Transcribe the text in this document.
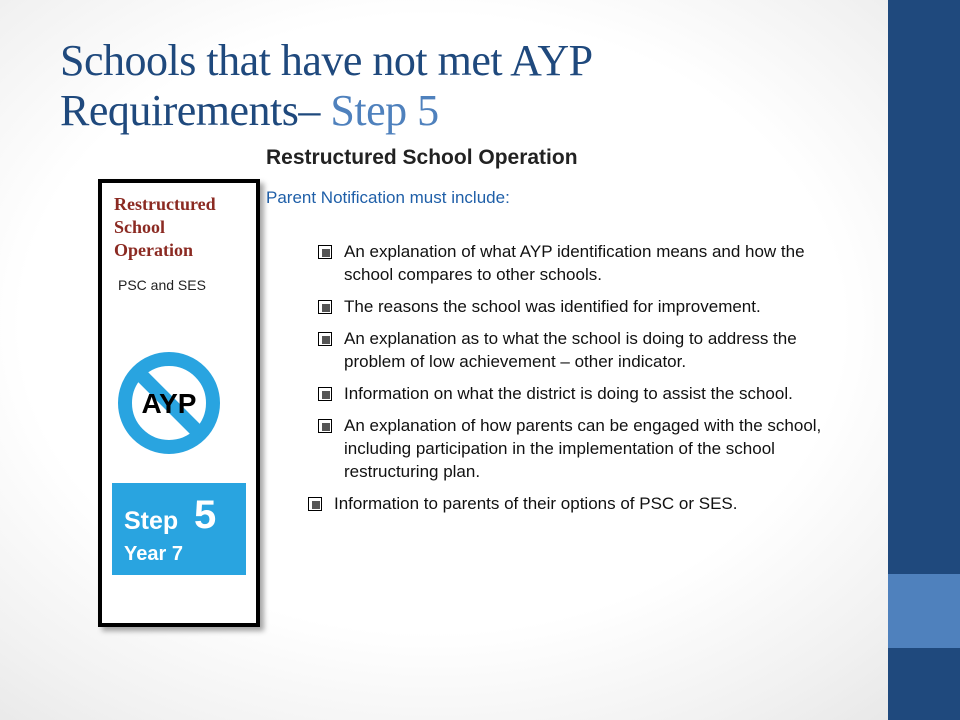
Schools that have not met AYP Requirements– Step 5
Restructured School Operation
Parent Notification must include:
Restructured
School
Operation
PSC and SES
AYP
Step 5
Year 7
An explanation of what AYP identification means and how the school compares to other schools.
The reasons the school was identified for improvement.
An explanation as to what the school is doing to address the problem of low achievement – other indicator.
Information on what the district is doing to assist the school.
An explanation of how parents can be engaged with the school, including participation in the implementation of the school restructuring plan.
Information to parents of their options of PSC or SES.
